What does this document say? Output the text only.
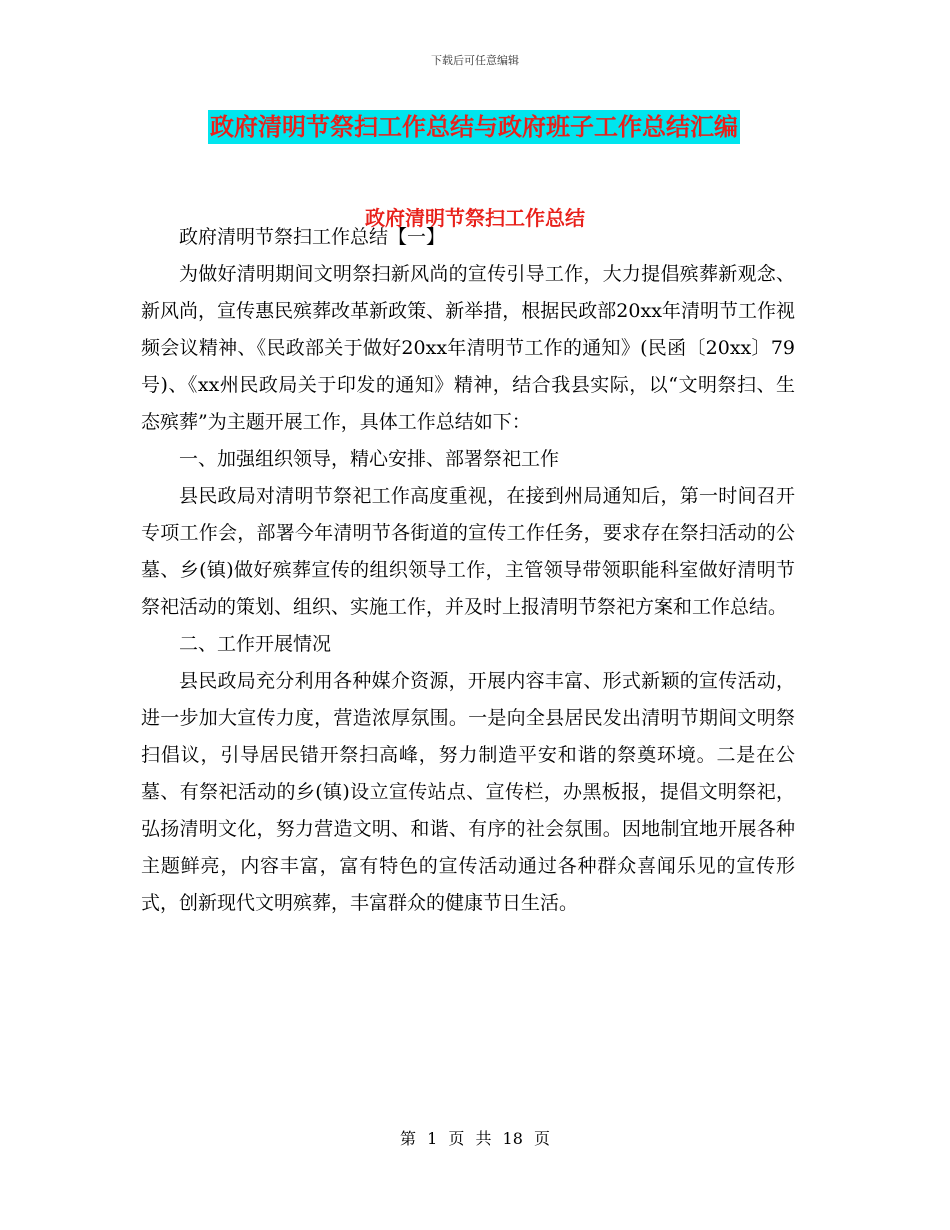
下载后可任意编辑
政府清明节祭扫工作总结与政府班子工作总结汇编
政府清明节祭扫工作总结

政府清明节祭扫工作总结【一】

为做好清明期间文明祭扫新风尚的宣传引导工作，大力提倡殡葬新观念、新风尚，宣传惠民殡葬改革新政策、新举措，根据民政部20xx年清明节工作视频会议精神、《民政部关于做好20xx年清明节工作的通知》(民函〔20xx〕79号)、《xx州民政局关于印发的通知》精神，结合我县实际，以“文明祭扫、生态殡葬”为主题开展工作，具体工作总结如下：

一、加强组织领导，精心安排、部署祭祀工作

县民政局对清明节祭祀工作高度重视，在接到州局通知后，第一时间召开专项工作会，部署今年清明节各街道的宣传工作任务，要求存在祭扫活动的公墓、乡(镇)做好殡葬宣传的组织领导工作，主管领导带领职能科室做好清明节祭祀活动的策划、组织、实施工作，并及时上报清明节祭祀方案和工作总结。

二、工作开展情况

县民政局充分利用各种媒介资源，开展内容丰富、形式新颖的宣传活动，进一步加大宣传力度，营造浓厚氛围。一是向全县居民发出清明节期间文明祭扫倡议，引导居民错开祭扫高峰，努力制造平安和谐的祭奠环境。二是在公墓、有祭祀活动的乡(镇)设立宣传站点、宣传栏，办黑板报，提倡文明祭祀，弘扬清明文化，努力营造文明、和谐、有序的社会氛围。因地制宜地开展各种主题鲜亮，内容丰富，富有特色的宣传活动通过各种群众喜闻乐见的宣传形式，创新现代文明殡葬，丰富群众的健康节日生活。

第 1 页 共 18 页
